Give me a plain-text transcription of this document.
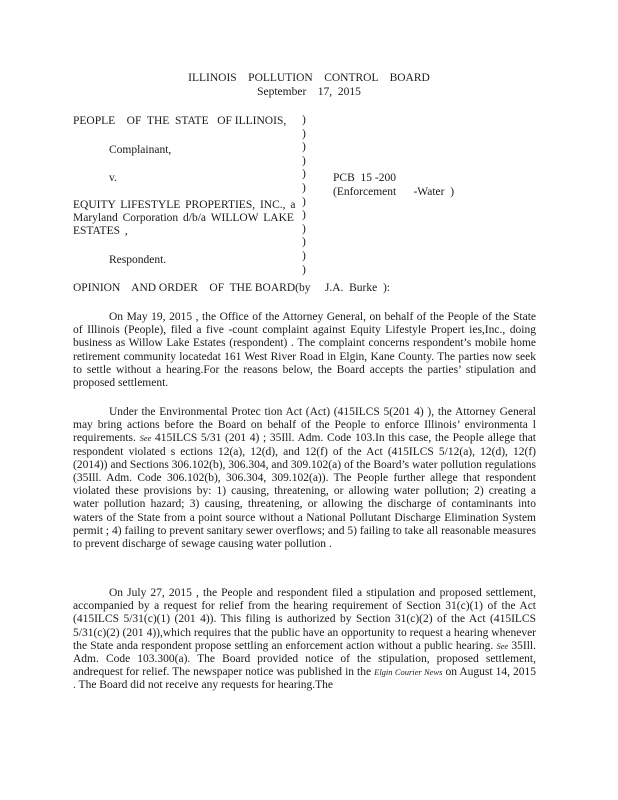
ILLINOIS    POLLUTION    CONTROL    BOARD
September    17,  2015
PEOPLE    OF  THE  STATE   OF ILLINOIS,
Complainant,
v.
EQUITY LIFESTYLE PROPERTIES, INC., a Maryland Corporation d/b/a WILLOW LAKE ESTATES ,
Respondent.
)
)
)
)
)
)
)
)
)
)
)
)
PCB  15 -200
(Enforcement      -Water  )
OPINION    AND ORDER    OF  THE BOARD(by     J.A.  Burke  ):

On May 19, 2015 , the Office of the Attorney General, on behalf of the People of the State of Illinois (People), filed a five -count complaint against Equity Lifestyle Propert ies,Inc., doing business as Willow Lake Estates (respondent) . The complaint concerns respondent’s mobile home retirement community locatedat 161 West River Road in Elgin, Kane County. The parties now seek to settle without a hearing.For the reasons below, the Board accepts the parties’ stipulation and proposed settlement.

Under the Environmental Protec tion Act (Act) (415ILCS 5(201 4) ), the Attorney General may bring actions before the Board on behalf of the People to enforce Illinois’ environmenta l requirements. See 415ILCS 5/31 (201 4) ; 35Ill. Adm. Code 103.In this case, the People allege that respondent violated s ections 12(a), 12(d), and 12(f) of the Act (415ILCS 5/12(a), 12(d), 12(f) (2014)) and Sections 306.102(b), 306.304, and 309.102(a) of the Board’s water pollution regulations (35Ill. Adm. Code 306.102(b), 306.304, 309.102(a)). The People further allege that respondent violated these provisions by: 1) causing, threatening, or allowing water pollution; 2) creating a water pollution hazard; 3) causing, threatening, or allowing the discharge of contaminants into waters of the State from a point source without a National Pollutant Discharge Elimination System permit ; 4) failing to prevent sanitary sewer overflows; and 5) failing to take all reasonable measures to prevent discharge of sewage causing water pollution .

On July 27, 2015 , the People and respondent filed a stipulation and proposed settlement, accompanied by a request for relief from the hearing requirement of Section 31(c)(1) of the Act (415ILCS 5/31(c)(1) (201 4)). This filing is authorized by Section 31(c)(2) of the Act (415ILCS 5/31(c)(2) (201 4)),which requires that the public have an opportunity to request a hearing whenever the State anda respondent propose settling an enforcement action without a public hearing. See 35Ill. Adm. Code 103.300(a). The Board provided notice of the stipulation, proposed settlement, andrequest for relief. The newspaper notice was published in the Elgin Courier News on August 14, 2015 . The Board did not receive any requests for hearing.The
